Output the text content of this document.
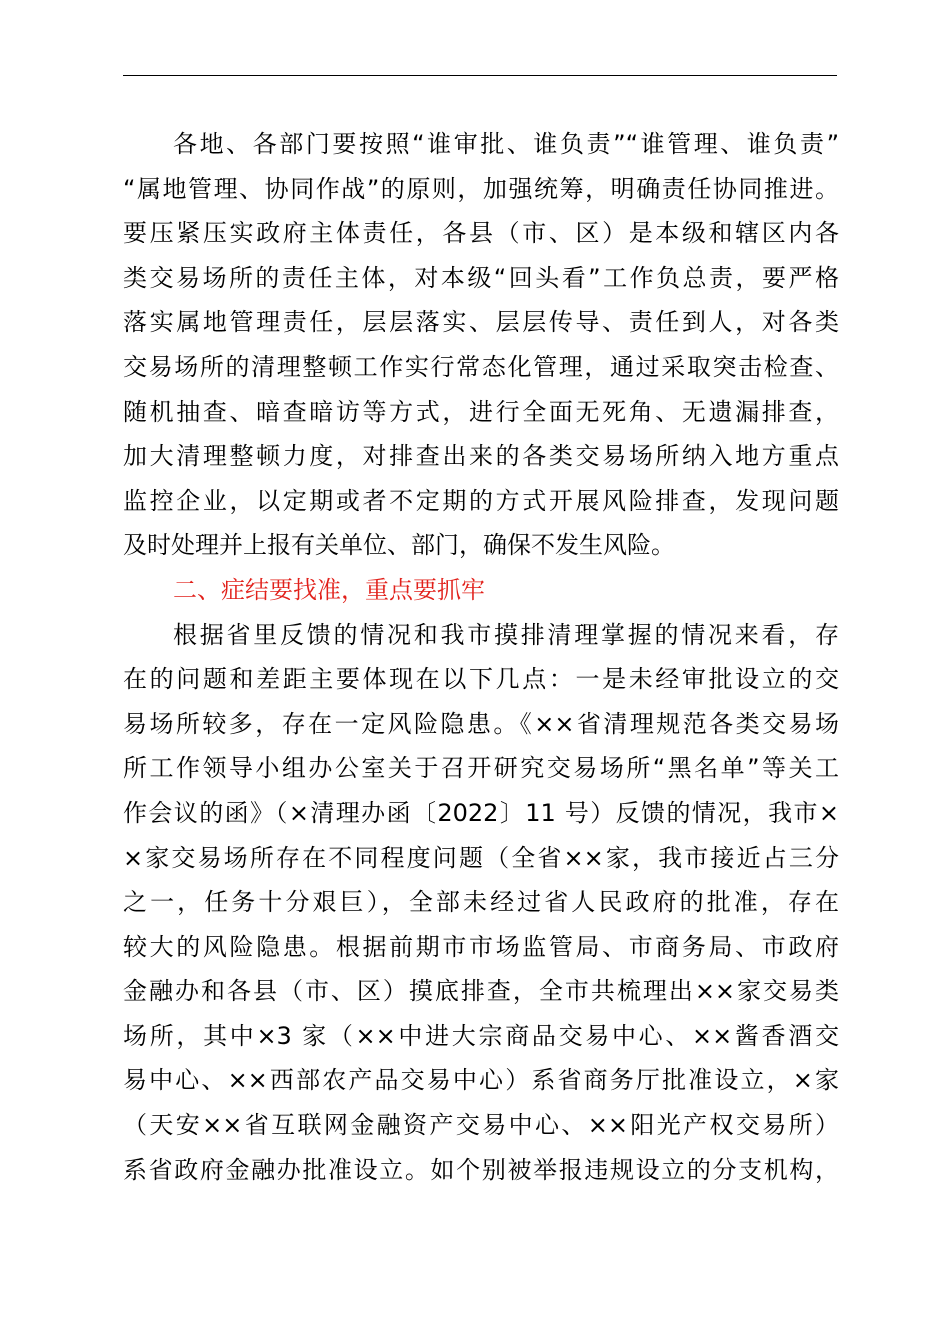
各地、各部门要按照“谁审批、谁负责”“谁管理、谁负责”
“属地管理、协同作战”的原则，加强统筹，明确责任协同推进。
要压紧压实政府主体责任，各县（市、区）是本级和辖区内各
类交易场所的责任主体，对本级“回头看”工作负总责，要严格
落实属地管理责任，层层落实、层层传导、责任到人，对各类
交易场所的清理整顿工作实行常态化管理，通过采取突击检查、
随机抽查、暗查暗访等方式，进行全面无死角、无遗漏排查，
加大清理整顿力度，对排查出来的各类交易场所纳入地方重点
监控企业，以定期或者不定期的方式开展风险排查，发现问题
及时处理并上报有关单位、部门，确保不发生风险。
二、症结要找准，重点要抓牢
根据省里反馈的情况和我市摸排清理掌握的情况来看，存
在的问题和差距主要体现在以下几点：一是未经审批设立的交
易场所较多，存在一定风险隐患。《××省清理规范各类交易场
所工作领导小组办公室关于召开研究交易场所“黑名单”等关工
作会议的函》（×清理办函〔2022〕11 号）反馈的情况，我市×
×家交易场所存在不同程度问题（全省××家，我市接近占三分
之一，任务十分艰巨），全部未经过省人民政府的批准，存在
较大的风险隐患。根据前期市市场监管局、市商务局、市政府
金融办和各县（市、区）摸底排查，全市共梳理出××家交易类
场所，其中×3 家（××中进大宗商品交易中心、××酱香酒交
易中心、××西部农产品交易中心）系省商务厅批准设立，×家
（天安××省互联网金融资产交易中心、××阳光产权交易所）
系省政府金融办批准设立。如个别被举报违规设立的分支机构，
